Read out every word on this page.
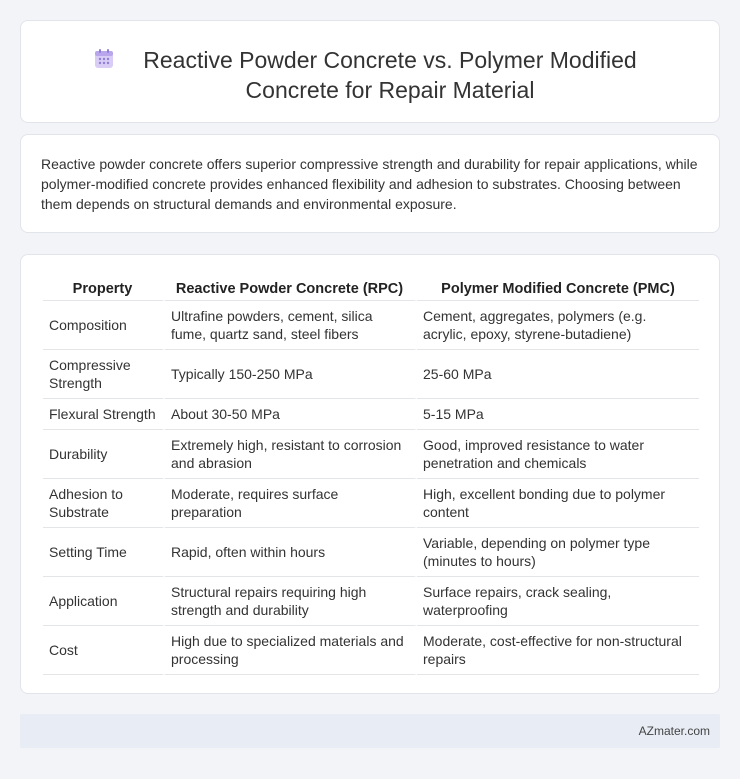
Reactive Powder Concrete vs. Polymer Modified Concrete for Repair Material

Reactive powder concrete offers superior compressive strength and durability for repair applications, while polymer-modified concrete provides enhanced flexibility and adhesion to substrates. Choosing between them depends on structural demands and environmental exposure.

Property	Reactive Powder Concrete (RPC)	Polymer Modified Concrete (PMC)
Composition	Ultrafine powders, cement, silica fume, quartz sand, steel fibers	Cement, aggregates, polymers (e.g. acrylic, epoxy, styrene-butadiene)
Compressive Strength	Typically 150-250 MPa	25-60 MPa
Flexural Strength	About 30-50 MPa	5-15 MPa
Durability	Extremely high, resistant to corrosion and abrasion	Good, improved resistance to water penetration and chemicals
Adhesion to Substrate	Moderate, requires surface preparation	High, excellent bonding due to polymer content
Setting Time	Rapid, often within hours	Variable, depending on polymer type (minutes to hours)
Application	Structural repairs requiring high strength and durability	Surface repairs, crack sealing, waterproofing
Cost	High due to specialized materials and processing	Moderate, cost-effective for non-structural repairs
AZmater.com
